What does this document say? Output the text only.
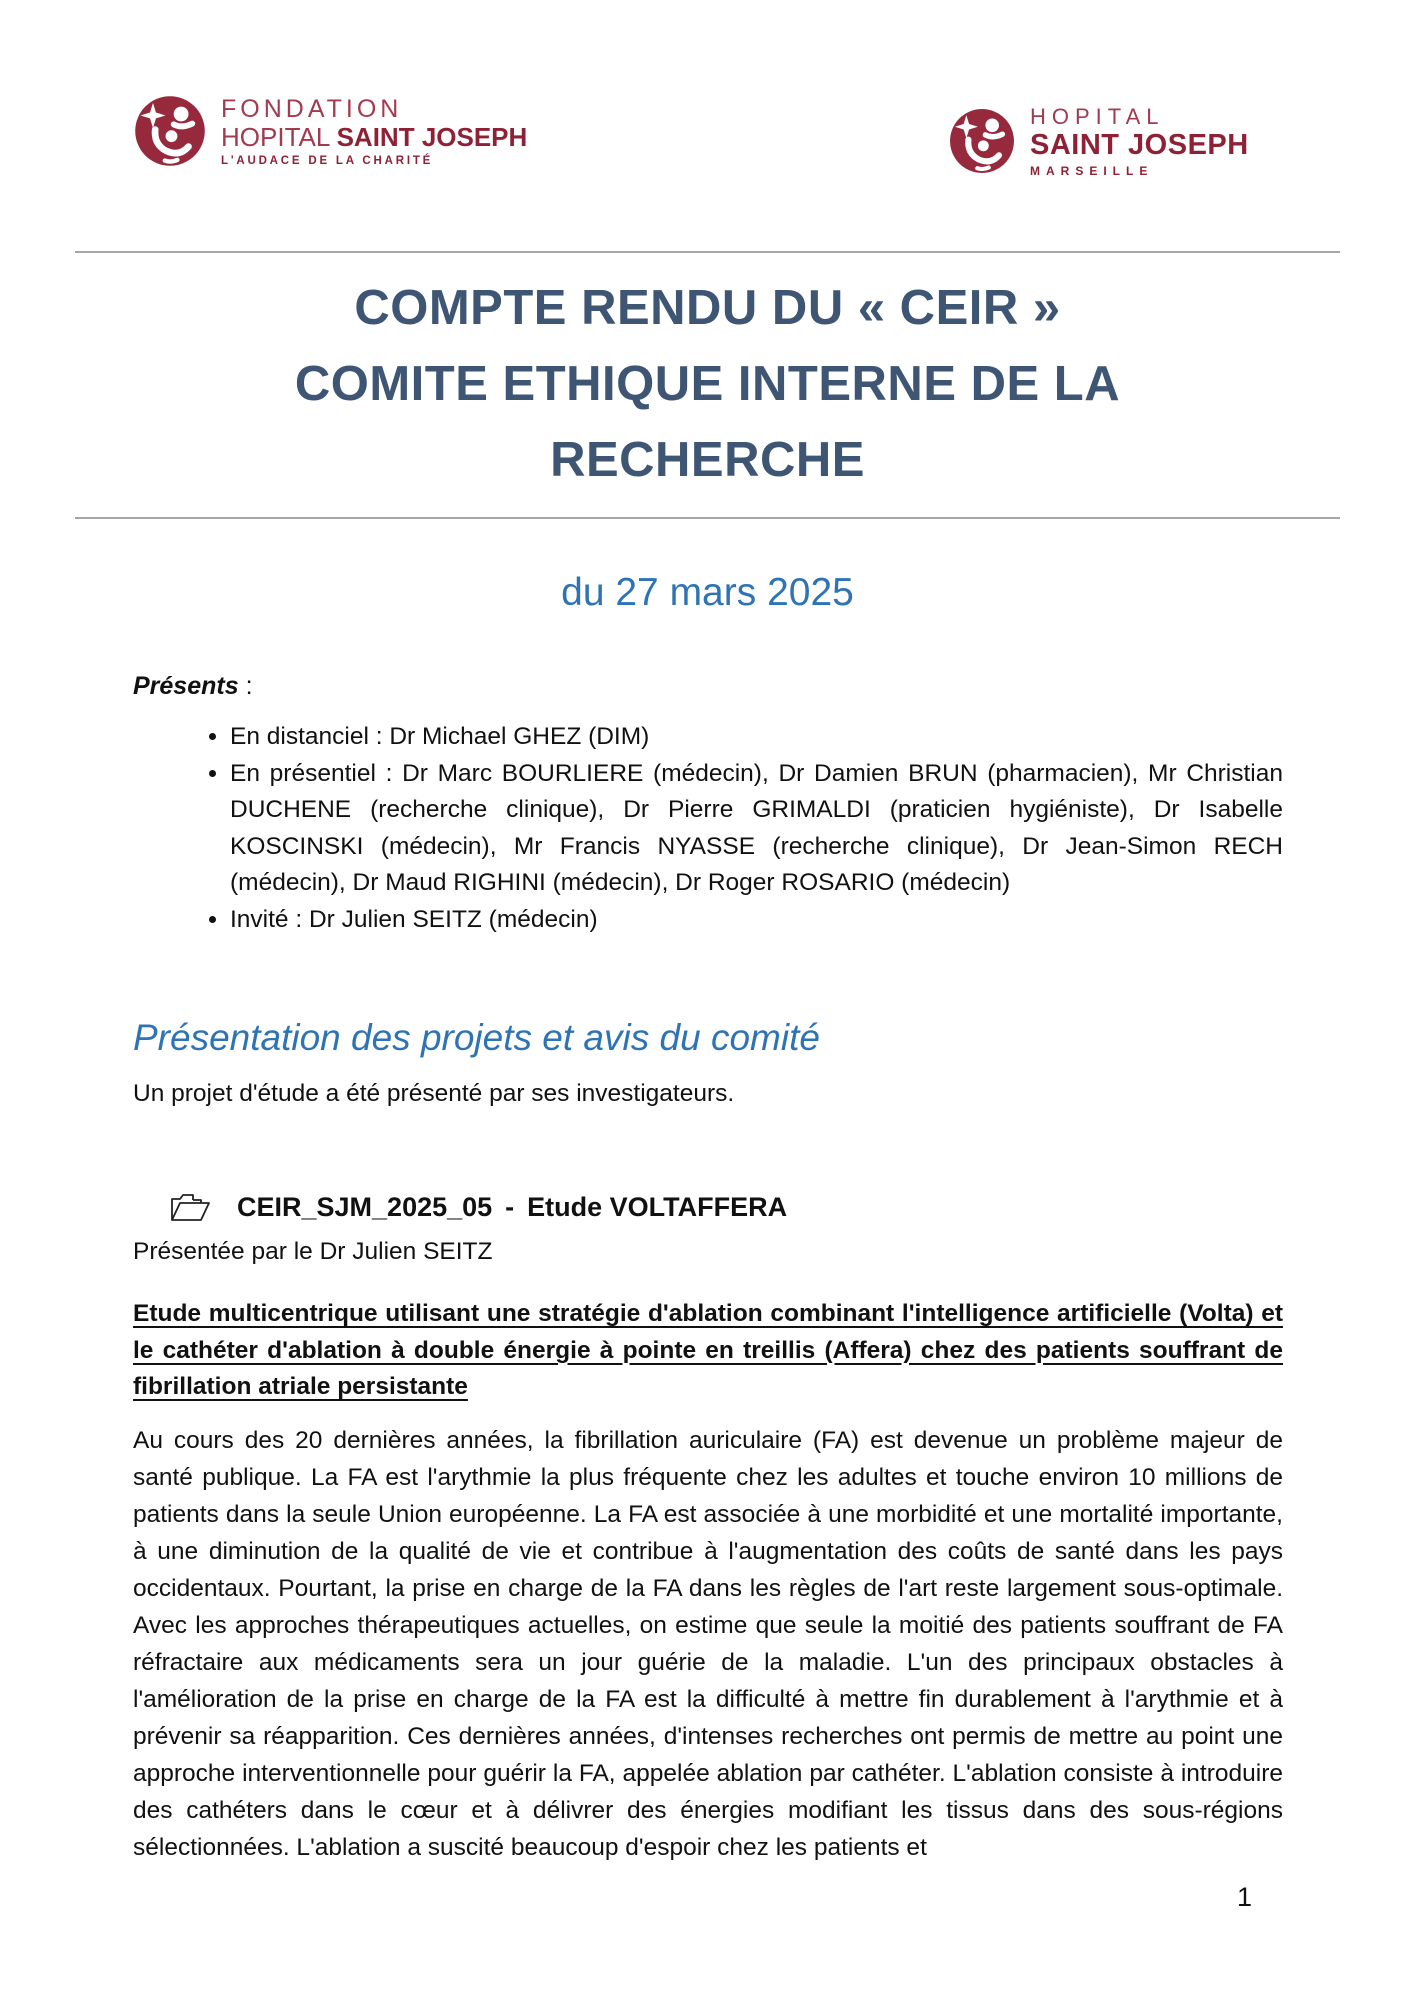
FONDATION
HOPITAL SAINT JOSEPH
L'AUDACE DE LA CHARITÉ
HOPITAL
SAINT JOSEPH
MARSEILLE
COMPTE RENDU DU « CEIR »
COMITE ETHIQUE INTERNE DE LA
RECHERCHE
du 27 mars 2025
Présents :
• En distanciel : Dr Michael GHEZ (DIM)
• En présentiel : Dr Marc BOURLIERE (médecin), Dr Damien BRUN (pharmacien), Mr Christian DUCHENE (recherche clinique), Dr Pierre GRIMALDI (praticien hygiéniste), Dr Isabelle KOSCINSKI (médecin), Mr Francis NYASSE (recherche clinique), Dr Jean-Simon RECH (médecin), Dr Maud RIGHINI (médecin), Dr Roger ROSARIO (médecin)
• Invité : Dr Julien SEITZ (médecin)
Présentation des projets et avis du comité
Un projet d'étude a été présenté par ses investigateurs.
CEIR_SJM_2025_05 - Etude VOLTAFFERA
Présentée par le Dr Julien SEITZ
Etude multicentrique utilisant une stratégie d'ablation combinant l'intelligence artificielle (Volta) et le cathéter d'ablation à double énergie à pointe en treillis (Affera) chez des patients souffrant de fibrillation atriale persistante
Au cours des 20 dernières années, la fibrillation auriculaire (FA) est devenue un problème majeur de santé publique. La FA est l'arythmie la plus fréquente chez les adultes et touche environ 10 millions de patients dans la seule Union européenne. La FA est associée à une morbidité et une mortalité importante, à une diminution de la qualité de vie et contribue à l'augmentation des coûts de santé dans les pays occidentaux. Pourtant, la prise en charge de la FA dans les règles de l'art reste largement sous-optimale. Avec les approches thérapeutiques actuelles, on estime que seule la moitié des patients souffrant de FA réfractaire aux médicaments sera un jour guérie de la maladie. L'un des principaux obstacles à l'amélioration de la prise en charge de la FA est la difficulté à mettre fin durablement à l'arythmie et à prévenir sa réapparition. Ces dernières années, d'intenses recherches ont permis de mettre au point une approche interventionnelle pour guérir la FA, appelée ablation par cathéter. L'ablation consiste à introduire des cathéters dans le cœur et à délivrer des énergies modifiant les tissus dans des sous-régions sélectionnées. L'ablation a suscité beaucoup d'espoir chez les patients et
1
